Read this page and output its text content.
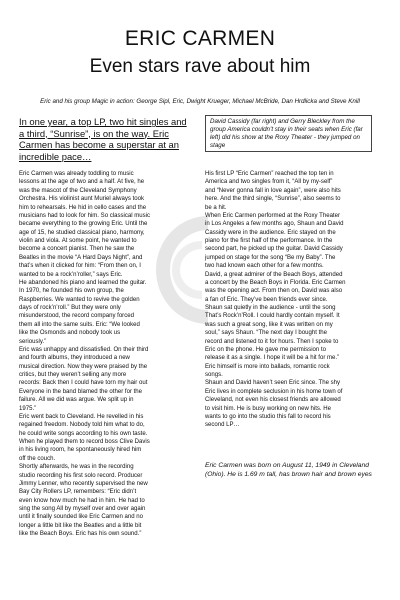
ERIC CARMEN
Even stars rave about him
Eric and his group Magic in action: George Sipl, Eric, Dwight Krueger, Michael McBride, Dan Hrdlicka and Steve Knill
In one year, a top LP, two hit singles and a third, “Sunrise”, is on the way. Eric Carmen has become a superstar at an incredible pace…
David Cassidy (far right) and Gerry Bleckley from the group America couldn’t stay in their seats when Eric (far left) did his show at the Roxy Theater - they jumped on stage

Eric Carmen was already toddling to music

lessons at the age of two and a half. At five, he

was the mascot of the Cleveland Symphony

Orchestra. His violinist aunt Muriel always took

him to rehearsals. He hid in cello cases and the

musicians had to look for him. So classical music

became everything to the growing Eric. Until the

age of 15, he studied classical piano, harmony,

violin and viola. At some point, he wanted to

become a concert pianist. Then he saw the

Beatles in the movie “A Hard Days Night”, and

that’s when it clicked for him: “From then on, I

wanted to be a rock’n’roller,” says Eric.

He abandoned his piano and learned the guitar.

In 1970, he founded his own group, the

Raspberries. We wanted to revive the golden

days of rock’n’roll.” But they were only

misunderstood, the record company forced

them all into the same suits. Eric: “We looked

like the Osmonds and nobody took us

seriously.”

Eric was unhappy and dissatisfied. On their third

and fourth albums, they introduced a new

musical direction. Now they were praised by the

critics, but they weren’t selling any more

records: Back then I could have torn my hair out

Everyone in the band blamed the other for the

failure. All we did was argue. We split up in

1975.”

Eric went back to Cleveland. He revelled in his

regained freedom. Nobody told him what to do,

he could write songs according to his own taste.

When he played them to record boss Clive Davis

in his living room, he spontaneously hired him

off the couch.

Shortly afterwards, he was in the recording

studio recording his first solo record. Producer

Jimmy Lenner, who recently supervised the new

Bay City Rollers LP, remembers: “Eric didn’t

even know how much he had in him. He had to

sing the song All by myself over and over again

until it finally sounded like Eric Carmen and no

longer a little bit like the Beatles and a little bit

like the Beach Boys. Eric has his own sound.”

His first LP “Eric Carmen” reached the top ten in

America and two singles from it, “All by my-self”

and “Never gonna fall in love again”, were also hits

here. And the third single, “Sunrise”, also seems to

be a hit.

When Eric Carmen performed at the Roxy Theater

in Los Angeles a few months ago, Shaun and David

Cassidy were in the audience. Eric stayed on the

piano for the first half of the performance. In the

second part, he picked up the guitar. David Cassidy

jumped on stage for the song “Be my Baby”. The

two had known each other for a few months.

David, a great admirer of the Beach Boys, attended

a concert by the Beach Boys in Florida. Eric Carmen

was the opening act. From then on, David was also

a fan of Eric. They’ve been friends ever since.

Shaun sat quietly in the audience - until the song

That’s Rock’n’Roll. I could hardly contain myself. It

was such a great song, like it was written on my

soul,” says Shaun. “The next day I bought the

record and listened to it for hours. Then I spoke to

Eric on the phone. He gave me permission to

release it as a single. I hope it will be a hit for me.”

Eric himself is more into ballads, romantic rock

songs.

Shaun and David haven’t seen Eric since. The shy

Eric lives in complete seclusion in his home town of

Cleveland, not even his closest friends are allowed

to visit him. He is busy working on new hits. He

wants to go into the studio this fall to record his

second LP…

Eric Carmen was born on August 11, 1949 in Cleveland (Ohio). He is 1.69 m tall, has brown hair and brown eyes
